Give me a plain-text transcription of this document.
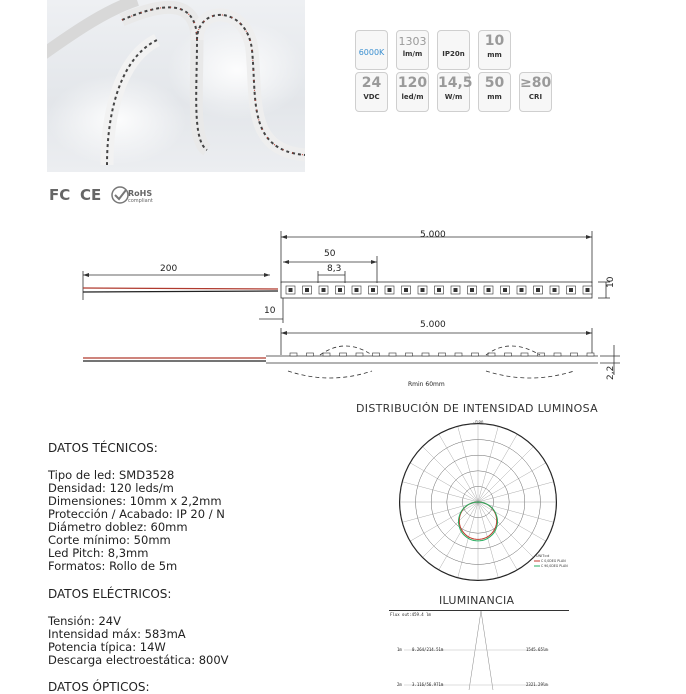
6000K
1303
lm/m	IP20n
10
mm
24
VDC
120
led/m
14,5
W/m
50
mm
≥80
CRI
FC CE	RoHS
compliant
5.000
50
8,3
200
10
10
5.000
2,2
Rmin 60mm
DISTRIBUCIÓN DE INTENSIDAD LUMINOSA
-/180
UNIT:cd
C 0,0DEG PLAN
C 90,0DEG PLAN
ILUMINANCIA
Flux out:459.4 lm
1m	0.264/214.51m	1545.65lm
2m	3.116/56.971m	2321.29lm
DATOS TÉCNICOS:
Tipo de led: SMD3528
Densidad: 120 leds/m
Dimensiones: 10mm x 2,2mm
Protección / Acabado: IP 20 / N
Diámetro doblez: 60mm
Corte mínimo: 50mm
Led Pitch: 8,3mm
Formatos: Rollo de 5m
DATOS ELÉCTRICOS:
Tensión: 24V
Intensidad máx: 583mA
Potencia típica: 14W
Descarga electroestática: 800V
DATOS ÓPTICOS:
